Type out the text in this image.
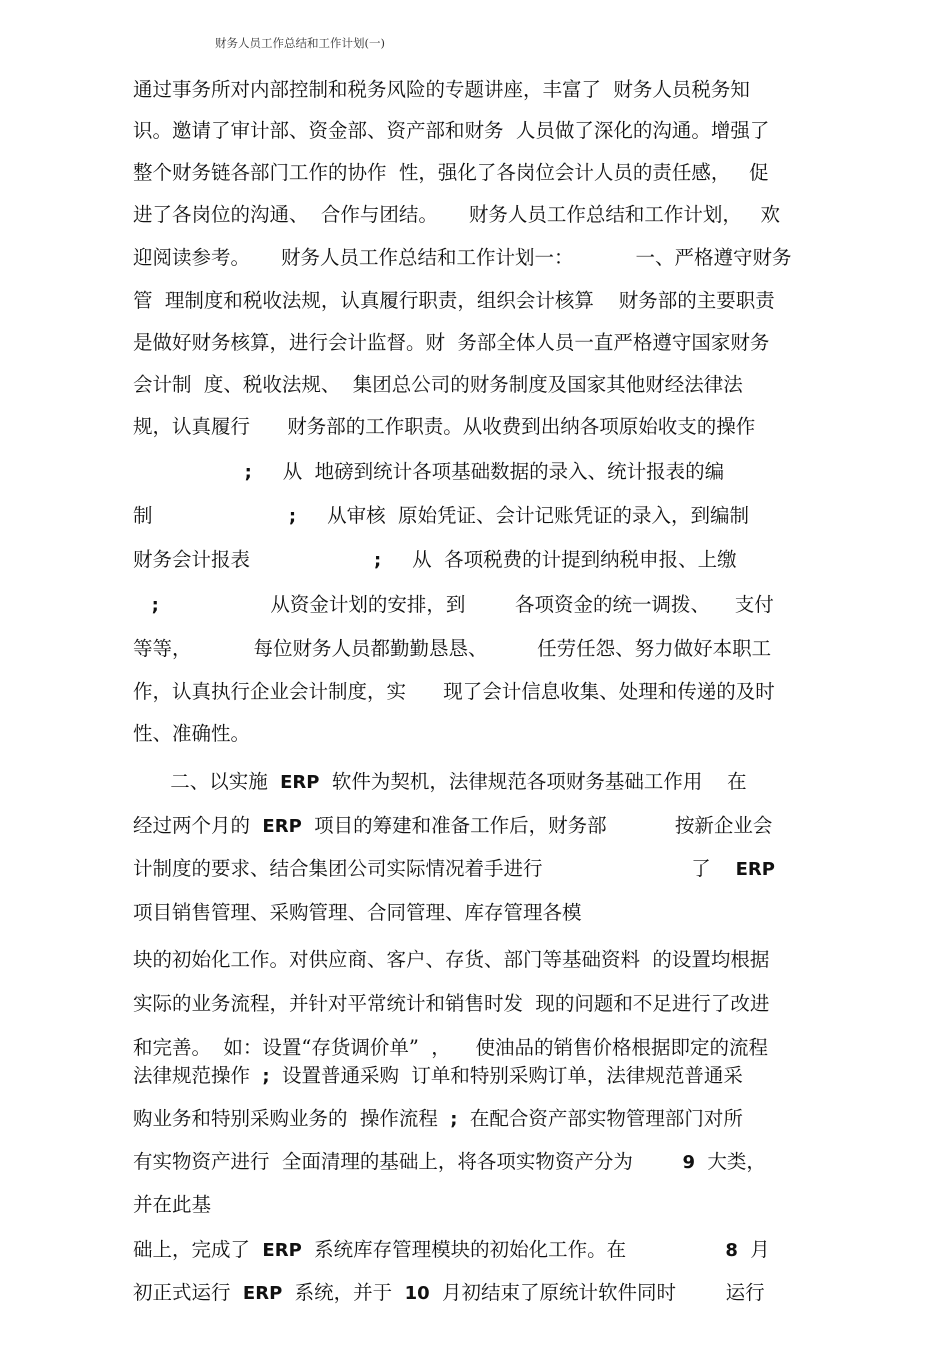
财务人员工作总结和工作计划(一)
通过事务所对内部控制和税务风险的专题讲座，丰富了  财务人员税务知
识。邀请了审计部、资金部、资产部和财务  人员做了深化的沟通。增强了
整个财务链各部门工作的协作  性，强化了各岗位会计人员的责任感，   促
进了各岗位的沟通、  合作与团结。     财务人员工作总结和工作计划，   欢
迎阅读参考。     财务人员工作总结和工作计划一：          一、严格遵守财务
管  理制度和税收法规，认真履行职责，组织会计核算    财务部的主要职责
是做好财务核算，进行会计监督。财  务部全体人员一直严格遵守国家财务
会计制  度、税收法规、  集团总公司的财务制度及国家其他财经法律法
规，认真履行      财务部的工作职责。从收费到出纳各项原始收支的操作
;     从  地磅到统计各项基础数据的录入、统计报表的编
制                      ;     从审核  原始凭证、会计记账凭证的录入，到编制
财务会计报表                    ;     从  各项税费的计提到纳税申报、上缴
;                  从资金计划的安排，到        各项资金的统一调拨、    支付
等等，          每位财务人员都勤勤恳恳、        任劳任怨、努力做好本职工
作，认真执行企业会计制度，实      现了会计信息收集、处理和传递的及时
性、准确性。
二、以实施  ERP  软件为契机，法律规范各项财务基础工作用    在
经过两个月的  ERP  项目的筹建和准备工作后，财务部           按新企业会
计制度的要求、结合集团公司实际情况着手进行                        了    ERP
项目销售管理、采购管理、合同管理、库存管理各模
块的初始化工作。对供应商、客户、存货、部门等基础资料  的设置均根据
实际的业务流程，并针对平常统计和销售时发  现的问题和不足进行了改进
和完善。  如：设置“存货调价单”  ，    使油品的销售价格根据即定的流程
法律规范操作  ;  设置普通采购  订单和特别采购订单，法律规范普通采
购业务和特别采购业务的  操作流程  ;  在配合资产部实物管理部门对所
有实物资产进行  全面清理的基础上，将各项实物资产分为        9  大类，
并在此基
础上，完成了  ERP  系统库存管理模块的初始化工作。在                8  月
初正式运行  ERP  系统，并于  10  月初结束了原统计软件同时        运行
